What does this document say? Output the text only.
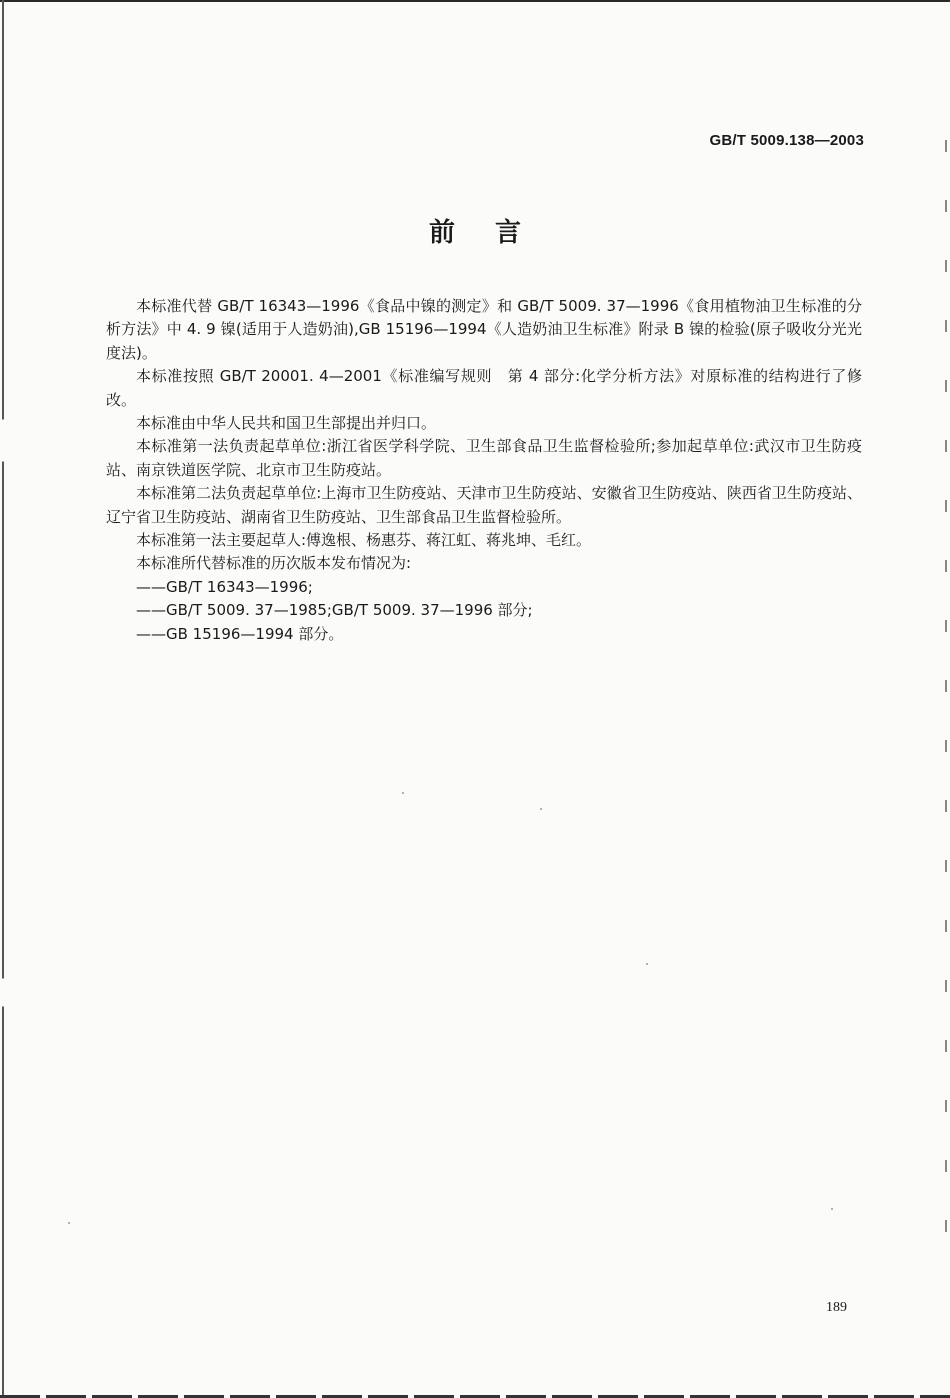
GB/T 5009.138—2003
前言

本标准代替 GB/T 16343—1996《食品中镍的测定》和 GB/T 5009. 37—1996《食用植物油卫生标准的分析方法》中 4. 9 镍(适用于人造奶油),GB 15196—1994《人造奶油卫生标准》附录 B 镍的检验(原子吸收分光光度法)。

本标准按照 GB/T 20001. 4—2001《标准编写规则　第 4 部分:化学分析方法》对原标准的结构进行了修改。

本标准由中华人民共和国卫生部提出并归口。

本标准第一法负责起草单位:浙江省医学科学院、卫生部食品卫生监督检验所;参加起草单位:武汉市卫生防疫站、南京铁道医学院、北京市卫生防疫站。

本标准第二法负责起草单位:上海市卫生防疫站、天津市卫生防疫站、安徽省卫生防疫站、陕西省卫生防疫站、辽宁省卫生防疫站、湖南省卫生防疫站、卫生部食品卫生监督检验所。

本标准第一法主要起草人:傅逸根、杨惠芬、蒋江虹、蒋兆坤、毛红。

本标准所代替标准的历次版本发布情况为:

——GB/T 16343—1996;

——GB/T 5009. 37—1985;GB/T 5009. 37—1996 部分;

——GB 15196—1994 部分。

189
